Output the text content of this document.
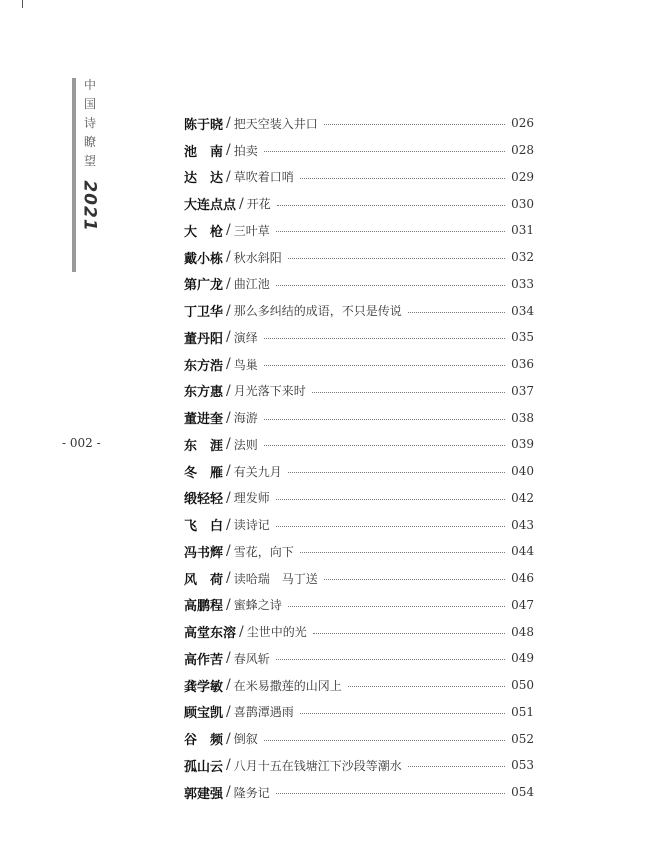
中国诗瞭望
2021
- 002 -
陈于晓 / 把天空装入井口	026
池　南 / 拍卖	028
达　达 / 草吹着口哨	029
大连点点 / 开花	030
大　枪 / 三叶草	031
戴小栋 / 秋水斜阳	032
第广龙 / 曲江池	033
丁卫华 / 那么多纠结的成语，不只是传说	034
董丹阳 / 演绎	035
东方浩 / 鸟巢	036
东方惠 / 月光落下来时	037
董进奎 / 海游	038
东　涯 / 法则	039
冬　雁 / 有关九月	040
缎轻轻 / 理发师	042
飞　白 / 读诗记	043
冯书辉 / 雪花，向下	044
风　荷 / 读哈瑞　马丁送	046
高鹏程 / 蜜蜂之诗	047
高堂东溶 / 尘世中的光	048
高作苦 / 春风斩	049
龚学敏 / 在米易撒莲的山冈上	050
顾宝凯 / 喜鹊潭遇雨	051
谷　频 / 倒叙	052
孤山云 / 八月十五在钱塘江下沙段等潮水	053
郭建强 / 隆务记	054
